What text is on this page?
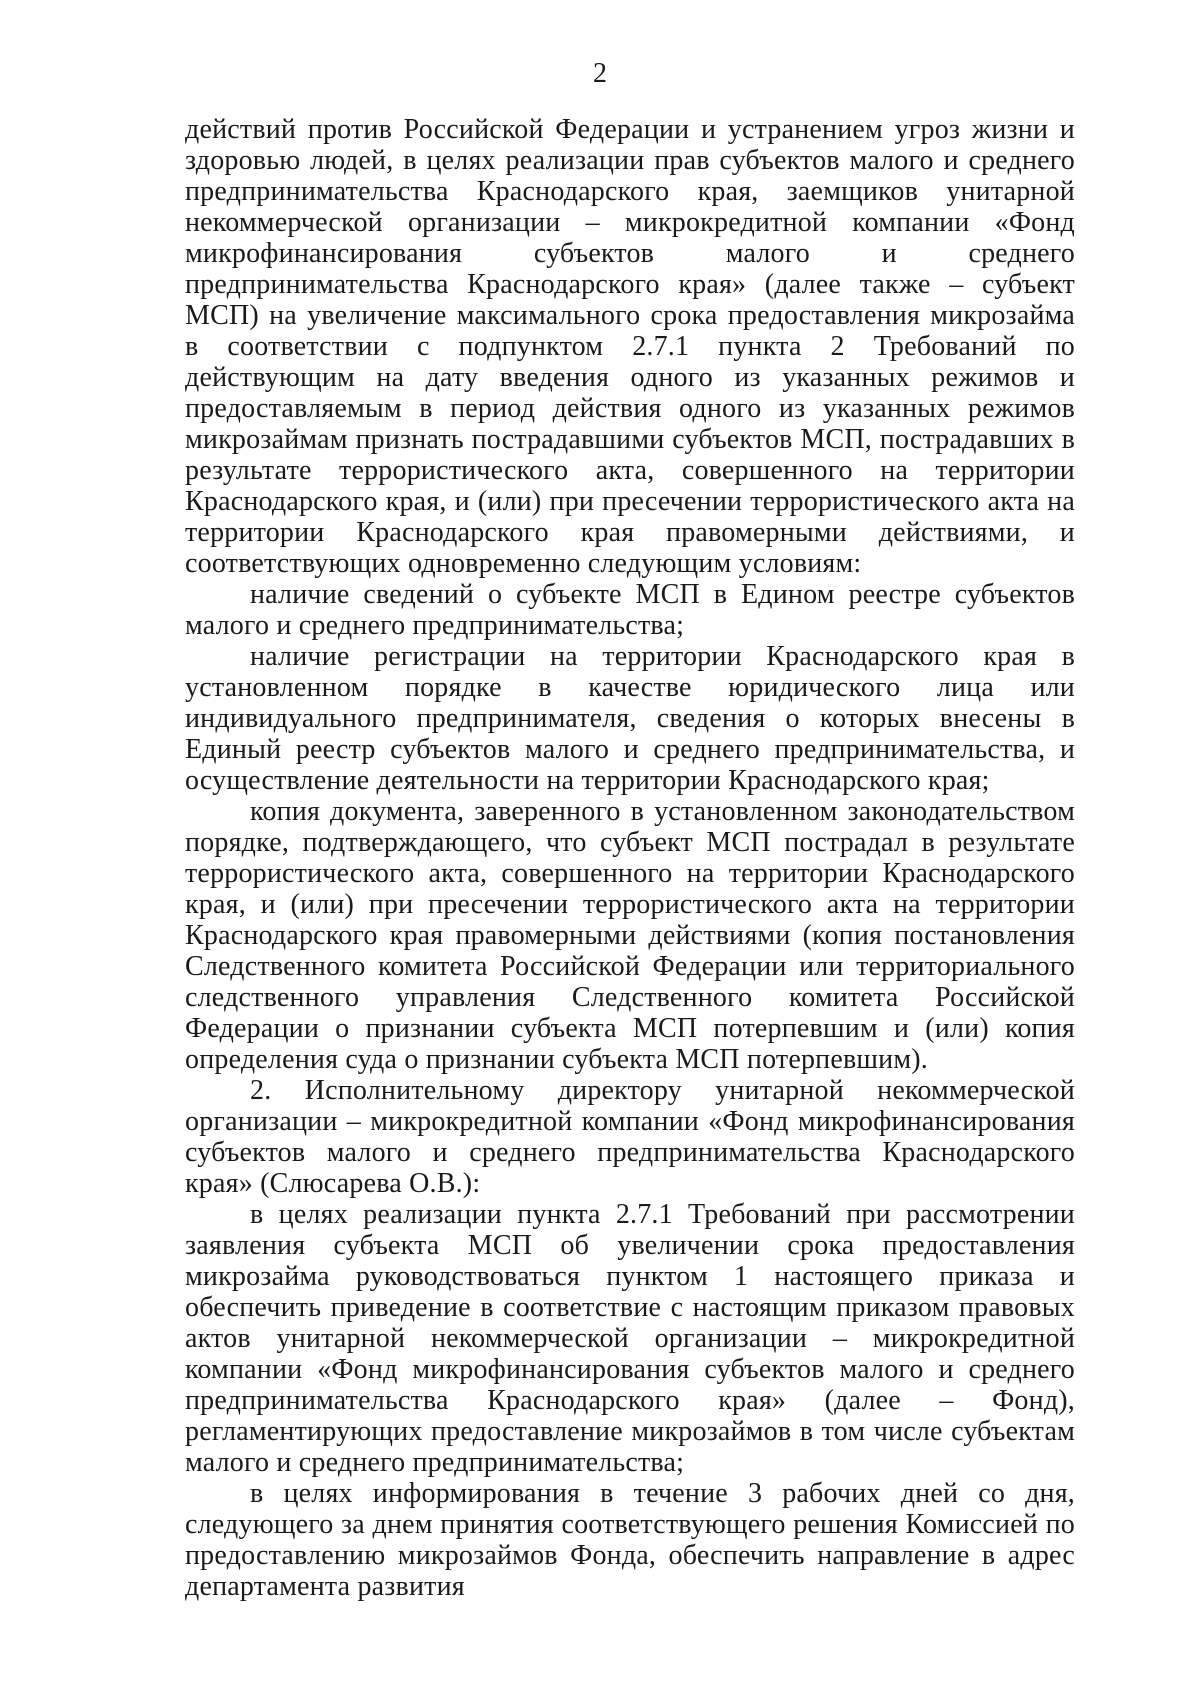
2

действий против Российской Федерации и устранением угроз жизни и здоровью людей, в целях реализации прав субъектов малого и среднего предпринимательства Краснодарского края, заемщиков унитарной некоммерческой организации – микрокредитной компании «Фонд микрофинансирования субъектов малого и среднего предпринимательства Краснодарского края» (далее также – субъект МСП) на увеличение максимального срока предоставления микрозайма в соответствии с подпунктом 2.7.1 пункта 2 Требований по действующим на дату введения одного из указанных режимов и предоставляемым в период действия одного из указанных режимов микрозаймам признать пострадавшими субъектов МСП, пострадавших в результате террористического акта, совершенного на территории Краснодарского края, и (или) при пресечении террористического акта на территории Краснодарского края правомерными действиями, и соответствующих одновременно следующим условиям:

наличие сведений о субъекте МСП в Едином реестре субъектов малого и среднего предпринимательства;

наличие регистрации на территории Краснодарского края в установленном порядке в качестве юридического лица или индивидуального предпринимателя, сведения о которых внесены в Единый реестр субъектов малого и среднего предпринимательства, и осуществление деятельности на территории Краснодарского края;

копия документа, заверенного в установленном законодательством порядке, подтверждающего, что субъект МСП пострадал в результате террористического акта, совершенного на территории Краснодарского края, и (или) при пресечении террористического акта на территории Краснодарского края правомерными действиями (копия постановления Следственного комитета Российской Федерации или территориального следственного управления Следственного комитета Российской Федерации о признании субъекта МСП потерпевшим и (или) копия определения суда о признании субъекта МСП потерпевшим).

2. Исполнительному директору унитарной некоммерческой организации – микрокредитной компании «Фонд микрофинансирования субъектов малого и среднего предпринимательства Краснодарского края» (Слюсарева О.В.):

в целях реализации пункта 2.7.1 Требований при рассмотрении заявления субъекта МСП об увеличении срока предоставления микрозайма руководствоваться пунктом 1 настоящего приказа и обеспечить приведение в соответствие с настоящим приказом правовых актов унитарной некоммерческой организации – микрокредитной компании «Фонд микрофинансирования субъектов малого и среднего предпринимательства Краснодарского края» (далее – Фонд), регламентирующих предоставление микрозаймов в том числе субъектам малого и среднего предпринимательства;

в целях информирования в течение 3 рабочих дней со дня, следующего за днем принятия соответствующего решения Комиссией по предоставлению микрозаймов Фонда, обеспечить направление в адрес департамента развития
